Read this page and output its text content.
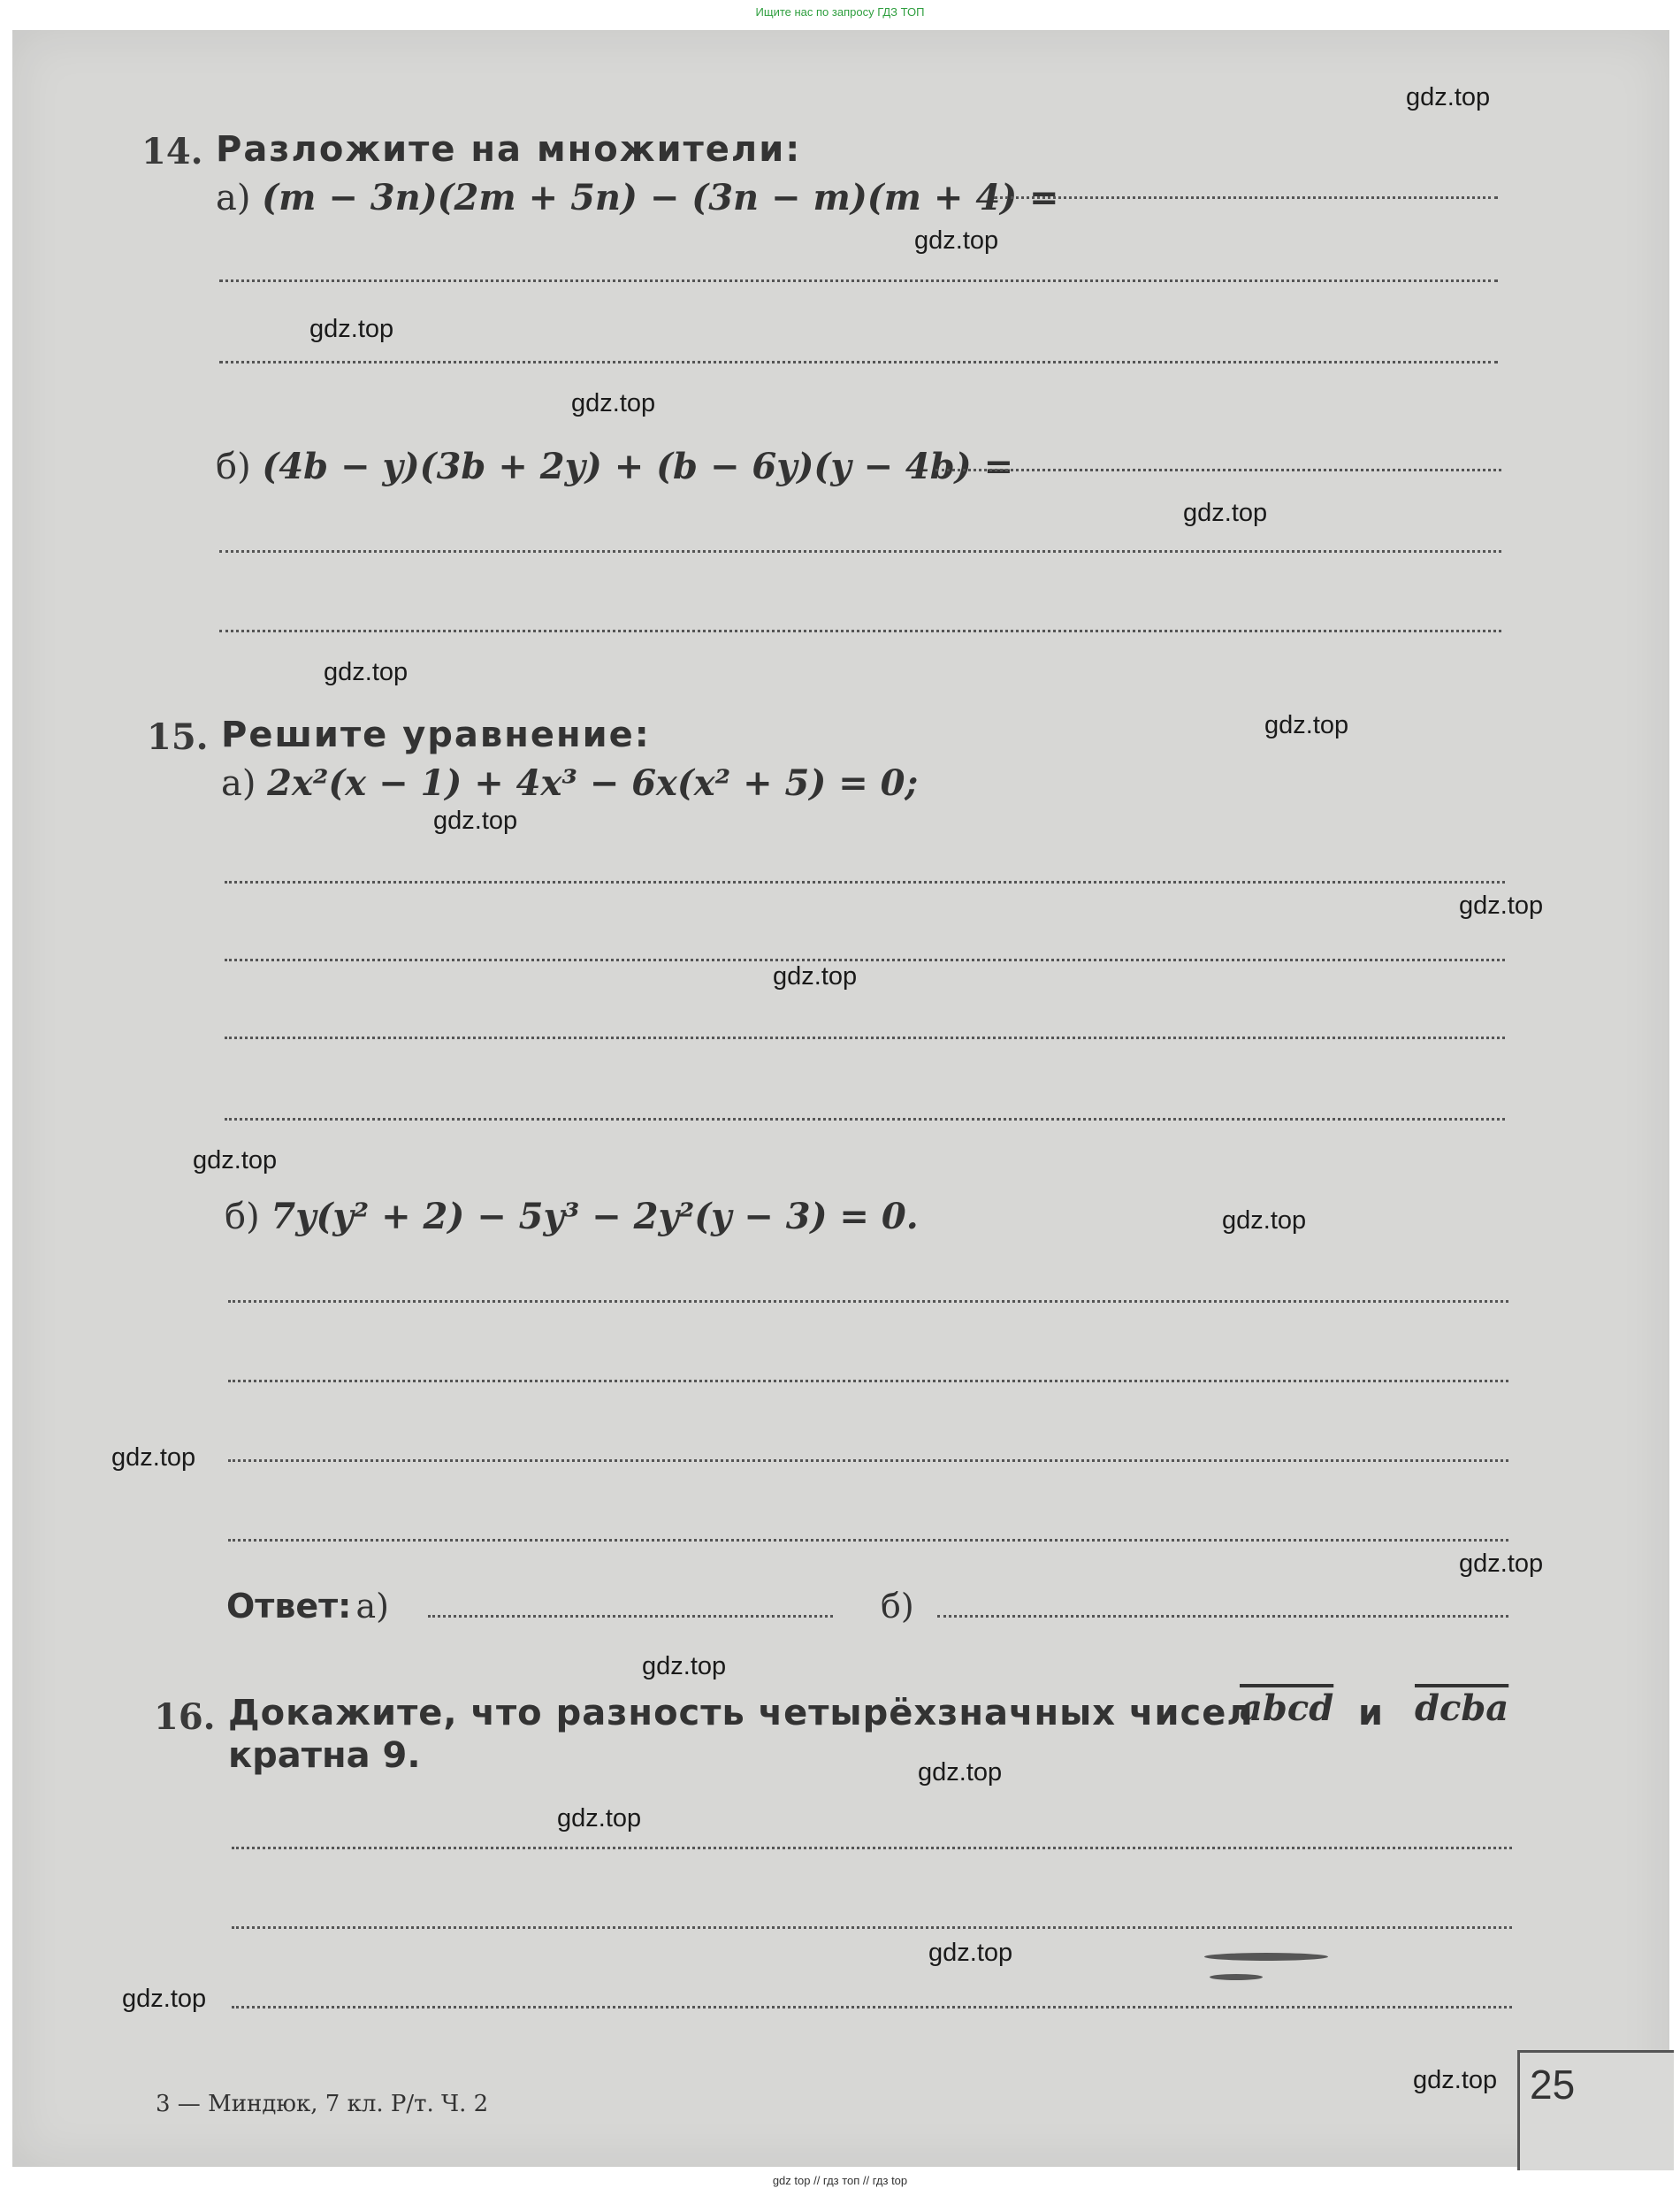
Ищите нас по запросу ГДЗ ТОП
14. Разложите на множители:
а) (m − 3n)(2m + 5n) − (3n − m)(m + 4) =
б) (4b − y)(3b + 2y) + (b − 6y)(y − 4b) =
15. Решите уравнение:
а) 2x²(x − 1) + 4x³ − 6x(x² + 5) = 0;
б) 7y(y² + 2) − 5y³ − 2y²(y − 3) = 0.
Ответ: а)	б)
16. Докажите, что разность четырёхзначных чисел
abcd и dcba
кратна 9.
3 — Миндюк, 7 кл. Р/т. Ч. 2	25
gdz.top
gdz.top
gdz.top
gdz.top
gdz.top
gdz.top
gdz.top
gdz.top
gdz.top
gdz.top
gdz.top
gdz.top
gdz.top
gdz.top
gdz.top
gdz.top
gdz.top
gdz.top
gdz.top
gdz.top
gdz top // гдз топ // гдз top
